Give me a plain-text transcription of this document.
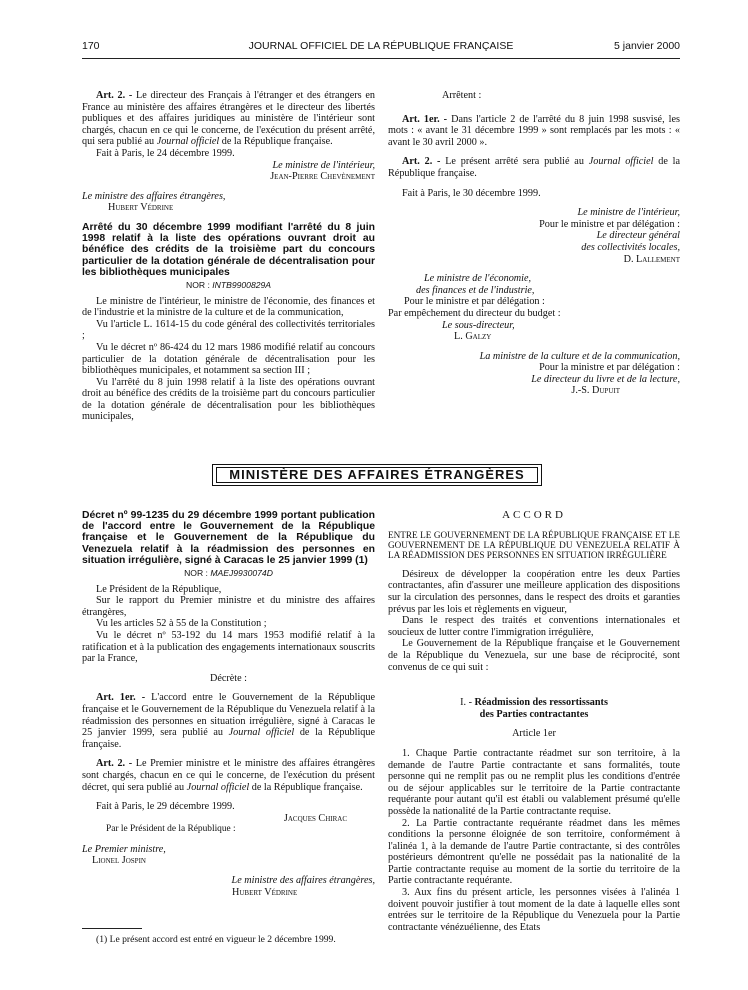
170	JOURNAL OFFICIEL DE LA RÉPUBLIQUE FRANÇAISE	5 janvier 2000

Art. 2. - Le directeur des Français à l'étranger et des étrangers en France au ministère des affaires étrangères et le directeur des libertés publiques et des affaires juridiques au ministère de l'intérieur sont chargés, chacun en ce qui le concerne, de l'exécution du présent arrêté, qui sera publié au Journal officiel de la République française.

Fait à Paris, le 24 décembre 1999.

Le ministre de l'intérieur,

Jean-Pierre Chevènement

Le ministre des affaires étrangères,

Hubert Védrine

Arrêté du 30 décembre 1999 modifiant l'arrêté du 8 juin 1998 relatif à la liste des opérations ouvrant droit au bénéfice des crédits de la troisième part du concours particulier de la dotation générale de décentralisation pour les bibliothèques municipales

NOR : INTB9900829A

Le ministre de l'intérieur, le ministre de l'économie, des finances et de l'industrie et la ministre de la culture et de la communication,

Vu l'article L. 1614-15 du code général des collectivités territoriales ;

Vu le décret nº 86-424 du 12 mars 1986 modifié relatif au concours particulier de la dotation générale de décentralisation pour les bibliothèques municipales, et notamment sa section III ;

Vu l'arrêté du 8 juin 1998 relatif à la liste des opérations ouvrant droit au bénéfice des crédits de la troisième part du concours particulier de la dotation générale de décentralisation pour les bibliothèques municipales,

Arrêtent :

Art. 1er. - Dans l'article 2 de l'arrêté du 8 juin 1998 susvisé, les mots : « avant le 31 décembre 1999 » sont remplacés par les mots : « avant le 30 avril 2000 ».

Art. 2. - Le présent arrêté sera publié au Journal officiel de la République française.

Fait à Paris, le 30 décembre 1999.

Le ministre de l'intérieur,

Pour le ministre et par délégation :

Le directeur général

des collectivités locales,

D. Lallement

Le ministre de l'économie,

des finances et de l'industrie,

Pour le ministre et par délégation :

Par empêchement du directeur du budget :

Le sous-directeur,

L. Galzy

La ministre de la culture et de la communication,

Pour la ministre et par délégation :

Le directeur du livre et de la lecture,

J.-S. Dupuit

MINISTÈRE DES AFFAIRES ÉTRANGÈRES

Décret nº 99-1235 du 29 décembre 1999 portant publication de l'accord entre le Gouvernement de la République française et le Gouvernement de la République du Venezuela relatif à la réadmission des personnes en situation irrégulière, signé à Caracas le 25 janvier 1999 (1)

NOR : MAEJ9930074D

Le Président de la République,

Sur le rapport du Premier ministre et du ministre des affaires étrangères,

Vu les articles 52 à 55 de la Constitution ;

Vu le décret nº 53-192 du 14 mars 1953 modifié relatif à la ratification et à la publication des engagements internationaux souscrits par la France,

Décrète :

Art. 1er. - L'accord entre le Gouvernement de la République française et le Gouvernement de la République du Venezuela relatif à la réadmission des personnes en situation irrégulière, signé à Caracas le 25 janvier 1999, sera publié au Journal officiel de la République française.

Art. 2. - Le Premier ministre et le ministre des affaires étrangères sont chargés, chacun en ce qui le concerne, de l'exécution du présent décret, qui sera publié au Journal officiel de la République française.

Fait à Paris, le 29 décembre 1999.

Jacques Chirac

Par le Président de la République :

Le Premier ministre,

Lionel Jospin

Le ministre des affaires étrangères,

Hubert Védrine

(1) Le présent accord est entré en vigueur le 2 décembre 1999.

ACCORD

ENTRE LE GOUVERNEMENT DE LA RÉPUBLIQUE FRANÇAISE ET LE GOUVERNEMENT DE LA RÉPUBLIQUE DU VENEZUELA RELATIF À LA RÉADMISSION DES PERSONNES EN SITUATION IRRÉGULIÈRE

Désireux de développer la coopération entre les deux Parties contractantes, afin d'assurer une meilleure application des dispositions sur la circulation des personnes, dans le respect des droits et garanties prévus par les lois et règlements en vigueur,

Dans le respect des traités et conventions internationales et soucieux de lutter contre l'immigration irrégulière,

Le Gouvernement de la République française et le Gouvernement de la République du Venezuela, sur une base de réciprocité, sont convenus de ce qui suit :

I. - Réadmission des ressortissants

des Parties contractantes

Article 1er

1. Chaque Partie contractante réadmet sur son territoire, à la demande de l'autre Partie contractante et sans formalités, toute personne qui ne remplit pas ou ne remplit plus les conditions d'entrée ou de séjour applicables sur le territoire de la Partie contractante requérante pour autant qu'il est établi ou valablement présumé qu'elle possède la nationalité de la Partie contractante requise.

2. La Partie contractante requérante réadmet dans les mêmes conditions la personne éloignée de son territoire, conformément à l'alinéa 1, à la demande de l'autre Partie contractante, si des contrôles postérieurs démontrent qu'elle ne possédait pas la nationalité de la Partie contractante requise au moment de la sortie du territoire de la Partie contractante requérante.

3. Aux fins du présent article, les personnes visées à l'alinéa 1 doivent pouvoir justifier à tout moment de la date à laquelle elles sont entrées sur le territoire de la République du Venezuela pour la Partie contractante vénézuélienne, des Etats
